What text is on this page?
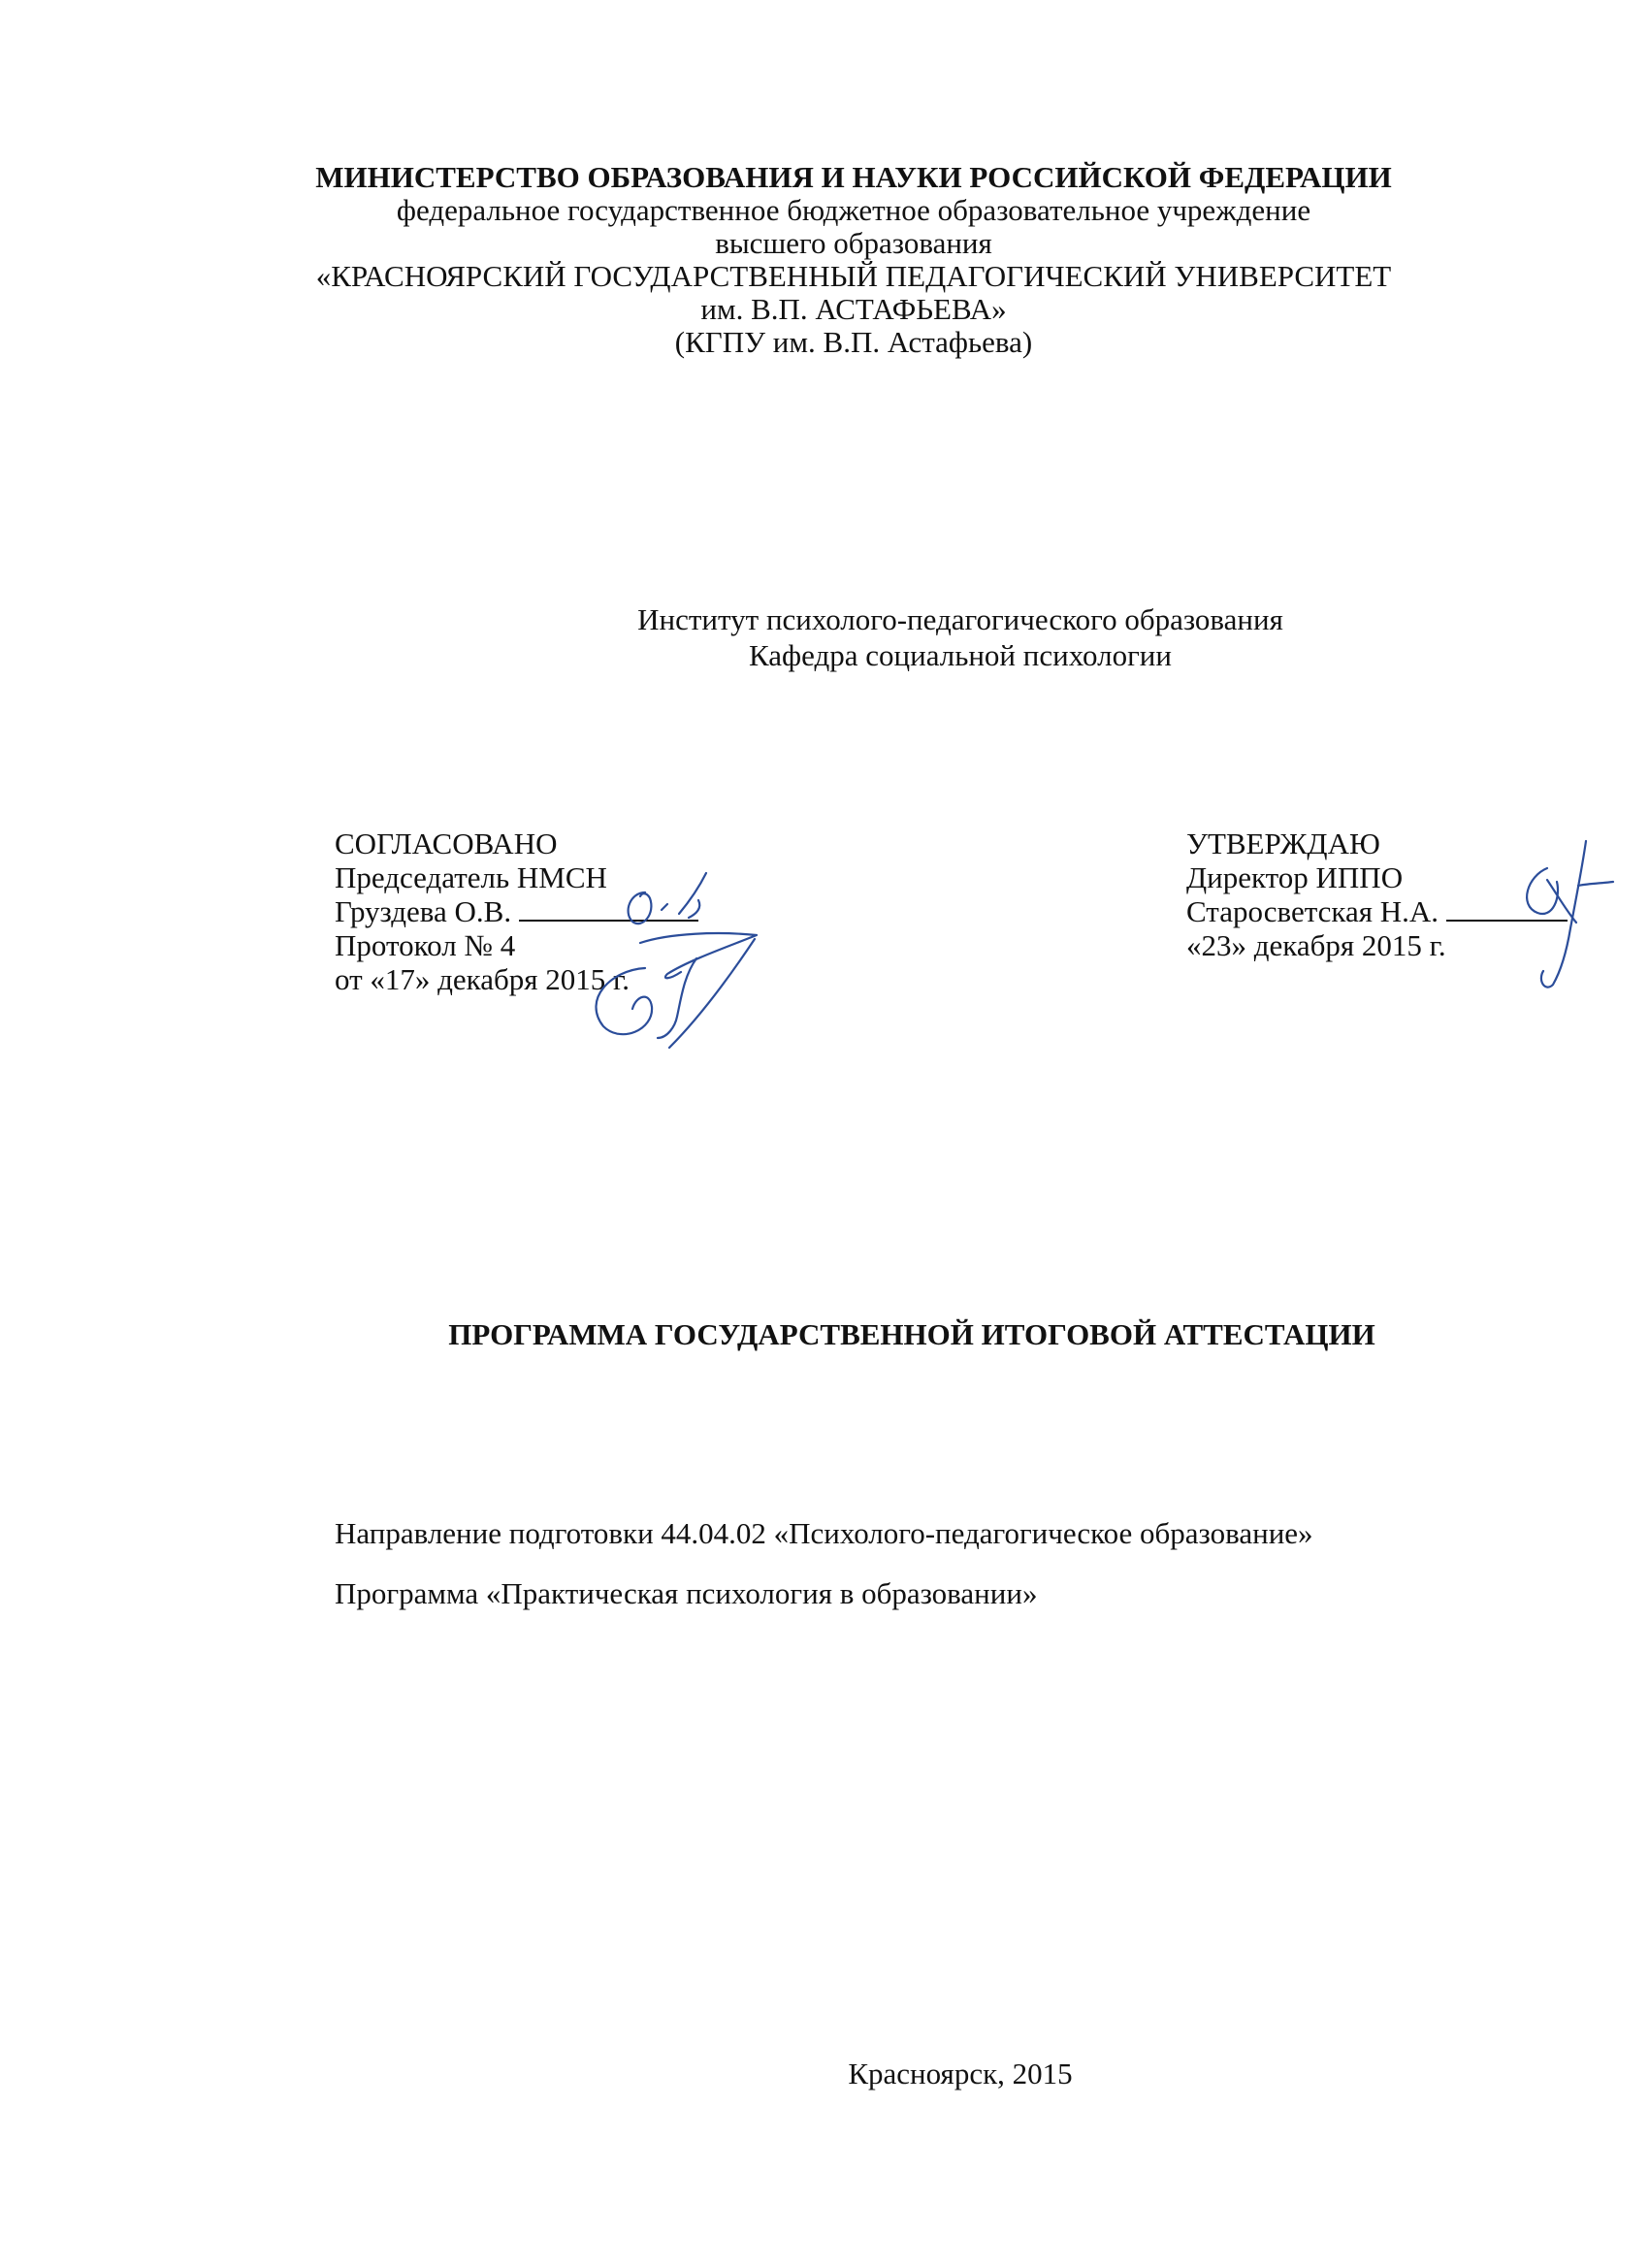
МИНИСТЕРСТВО ОБРАЗОВАНИЯ И НАУКИ РОССИЙСКОЙ ФЕДЕРАЦИИ
федеральное государственное бюджетное образовательное учреждение
высшего образования
«КРАСНОЯРСКИЙ ГОСУДАРСТВЕННЫЙ ПЕДАГОГИЧЕСКИЙ УНИВЕРСИТЕТ
им. В.П. АСТАФЬЕВА»
(КГПУ им. В.П. Астафьева)
Институт психолого-педагогического образования
Кафедра социальной психологии
СОГЛАСОВАНО
Председатель НМСН
Груздева О.В.
Протокол № 4
от «17» декабря 2015 г.
УТВЕРЖДАЮ
Директор ИППО
Старосветская Н.А.
«23» декабря 2015 г.
ПРОГРАММА ГОСУДАРСТВЕННОЙ ИТОГОВОЙ АТТЕСТАЦИИ
Направление подготовки 44.04.02 «Психолого-педагогическое образование»
Программа «Практическая психология в образовании»
Красноярск, 2015
